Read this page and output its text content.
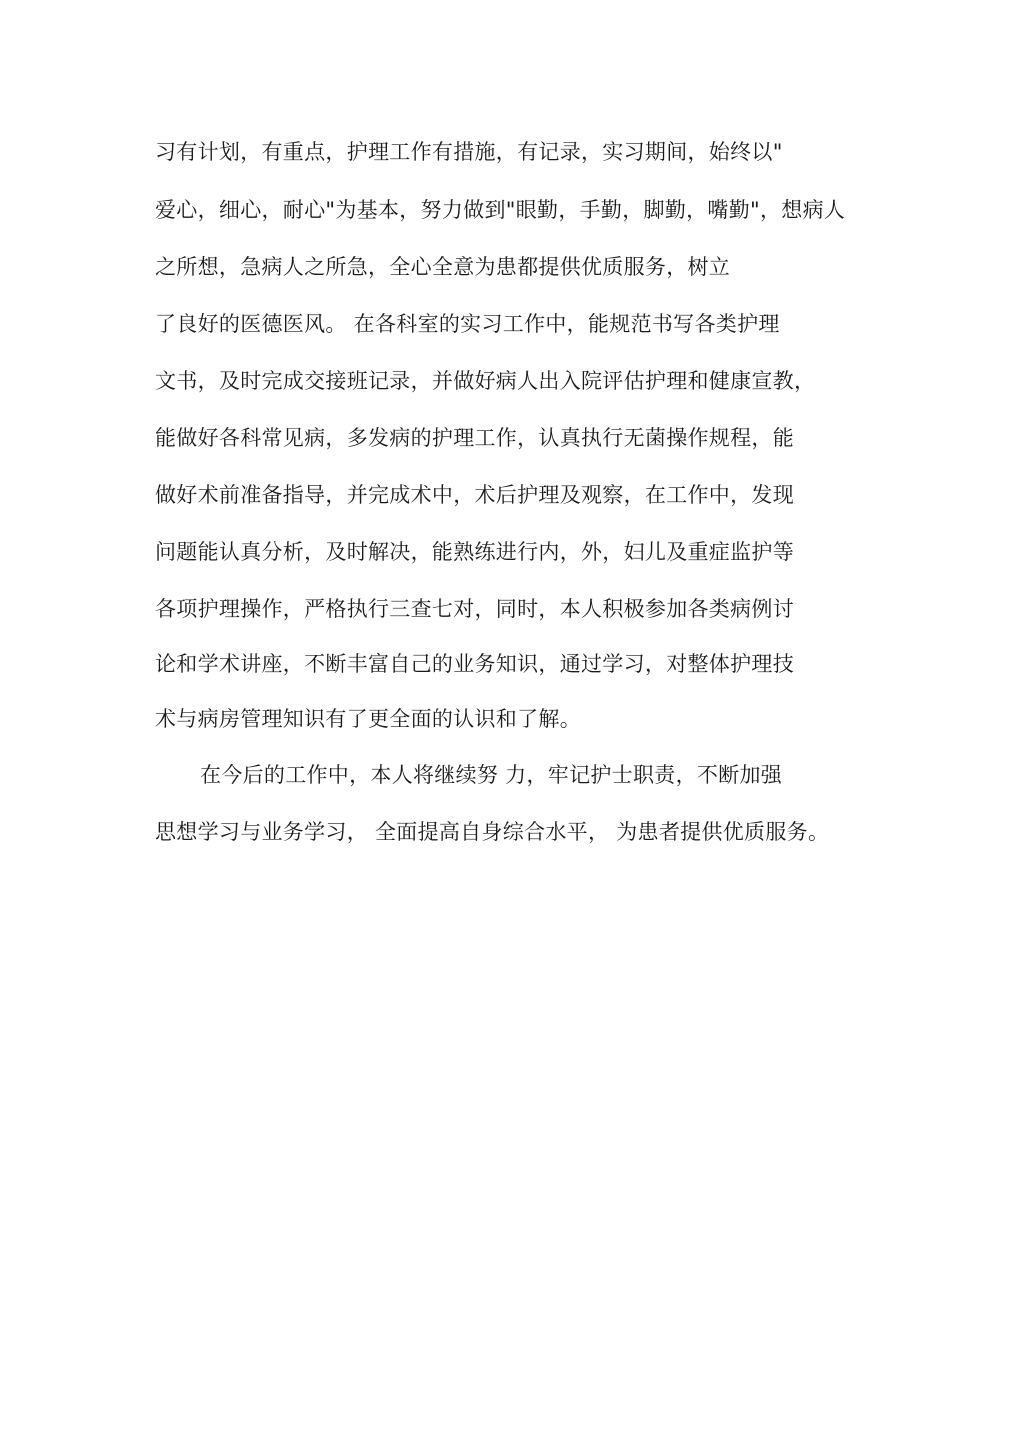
习有计划，有重点，护理工作有措施，有记录，实习期间，始终以"

爱心，细心，耐心"为基本，努力做到"眼勤，手勤，脚勤，嘴勤"，想病人

之所想，急病人之所急，全心全意为患都提供优质服务，树立

了良好的医德医风。 在各科室的实习工作中，能规范书写各类护理

文书，及时完成交接班记录，并做好病人出入院评估护理和健康宣教，

能做好各科常见病，多发病的护理工作，认真执行无菌操作规程，能

做好术前准备指导，并完成术中，术后护理及观察，在工作中，发现

问题能认真分析，及时解决，能熟练进行内，外，妇儿及重症监护等

各项护理操作，严格执行三查七对，同时，本人积极参加各类病例讨

论和学术讲座，不断丰富自己的业务知识，通过学习，对整体护理技

术与病房管理知识有了更全面的认识和了解。

在今后的工作中，本人将继续努 力，牢记护士职责，不断加强

思想学习与业务学习， 全面提高自身综合水平， 为患者提供优质服务。
